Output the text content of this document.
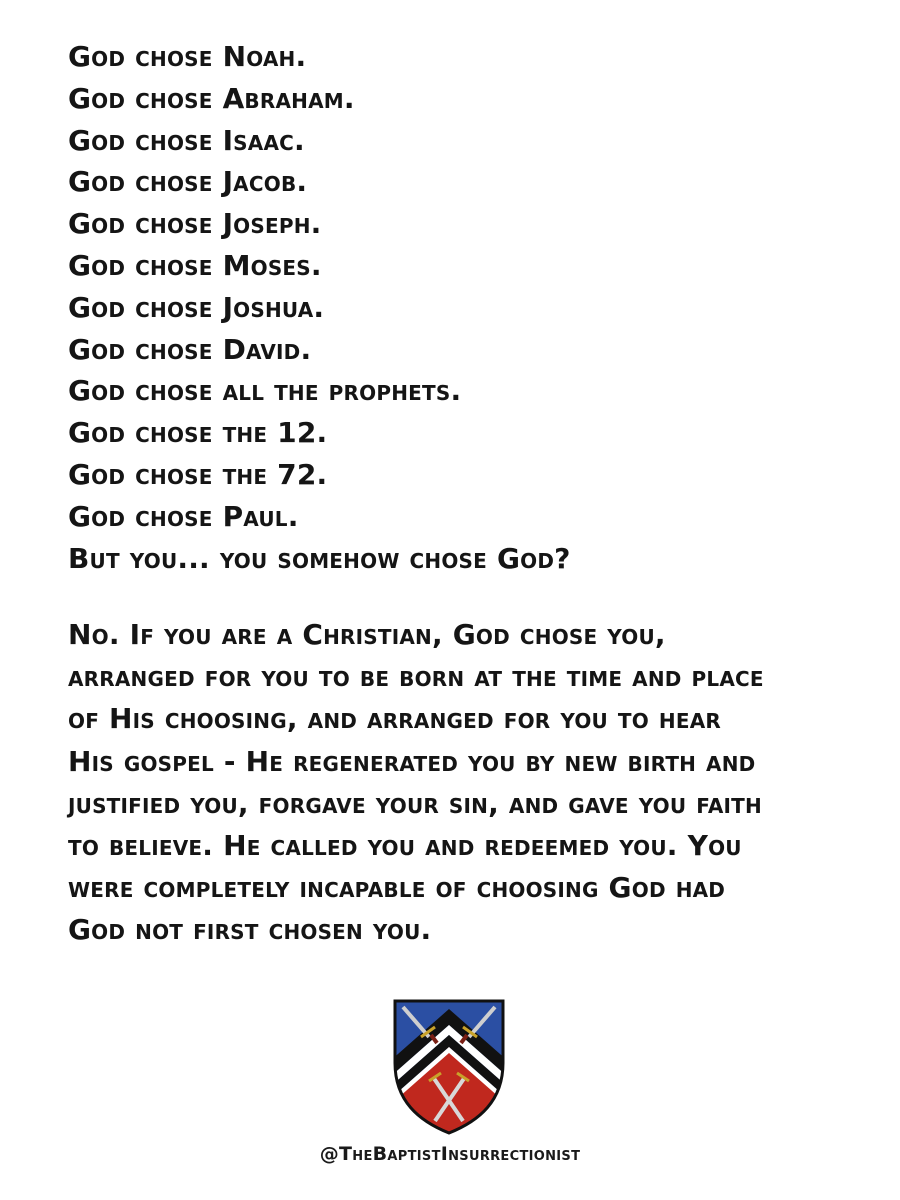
God chose Noah.
God chose Abraham.
God chose Isaac.
God chose Jacob.
God chose Joseph.
God chose Moses.
God chose Joshua.
God chose David.
God chose all the prophets.
God chose the 12.
God chose the 72.
God chose Paul.
But you... you somehow chose God?
No. If you are a Christian, God chose you,
arranged for you to be born at the time and place
of His choosing, and arranged for you to hear
His gospel - He regenerated you by new birth and
justified you, forgave your sin, and gave you faith
to believe. He called you and redeemed you. You
were completely incapable of choosing God had
God not first chosen you.
@TheBaptistInsurrectionist
